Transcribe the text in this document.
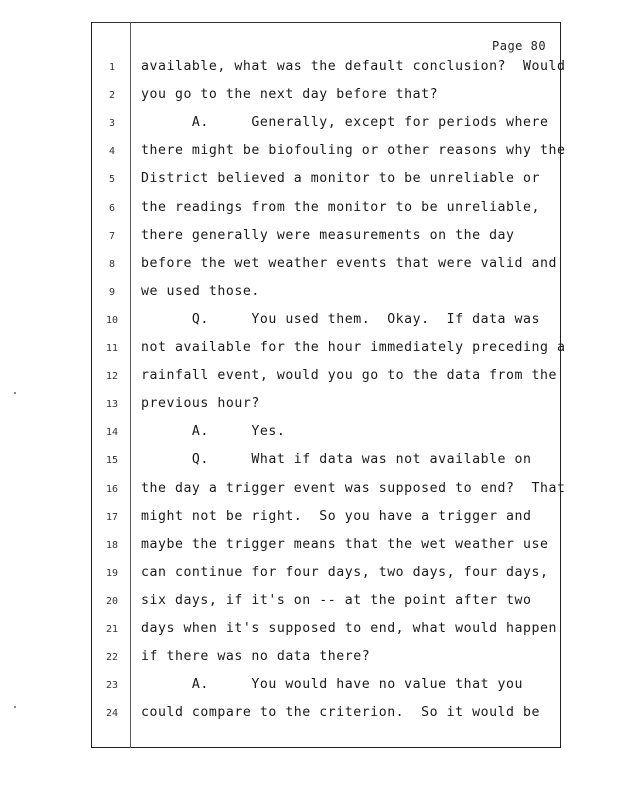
Page 80
1	available, what was the default conclusion?  Would
2	you go to the next day before that?
3	A.     Generally, except for periods where
4	there might be biofouling or other reasons why the
5	District believed a monitor to be unreliable or
6	the readings from the monitor to be unreliable,
7	there generally were measurements on the day
8	before the wet weather events that were valid and
9	we used those.
10	Q.     You used them.  Okay.  If data was
11	not available for the hour immediately preceding a
12	rainfall event, would you go to the data from the
13	previous hour?
14	A.     Yes.
15	Q.     What if data was not available on
16	the day a trigger event was supposed to end?  That
17	might not be right.  So you have a trigger and
18	maybe the trigger means that the wet weather use
19	can continue for four days, two days, four days,
20	six days, if it's on -- at the point after two
21	days when it's supposed to end, what would happen
22	if there was no data there?
23	A.     You would have no value that you
24	could compare to the criterion.  So it would be
